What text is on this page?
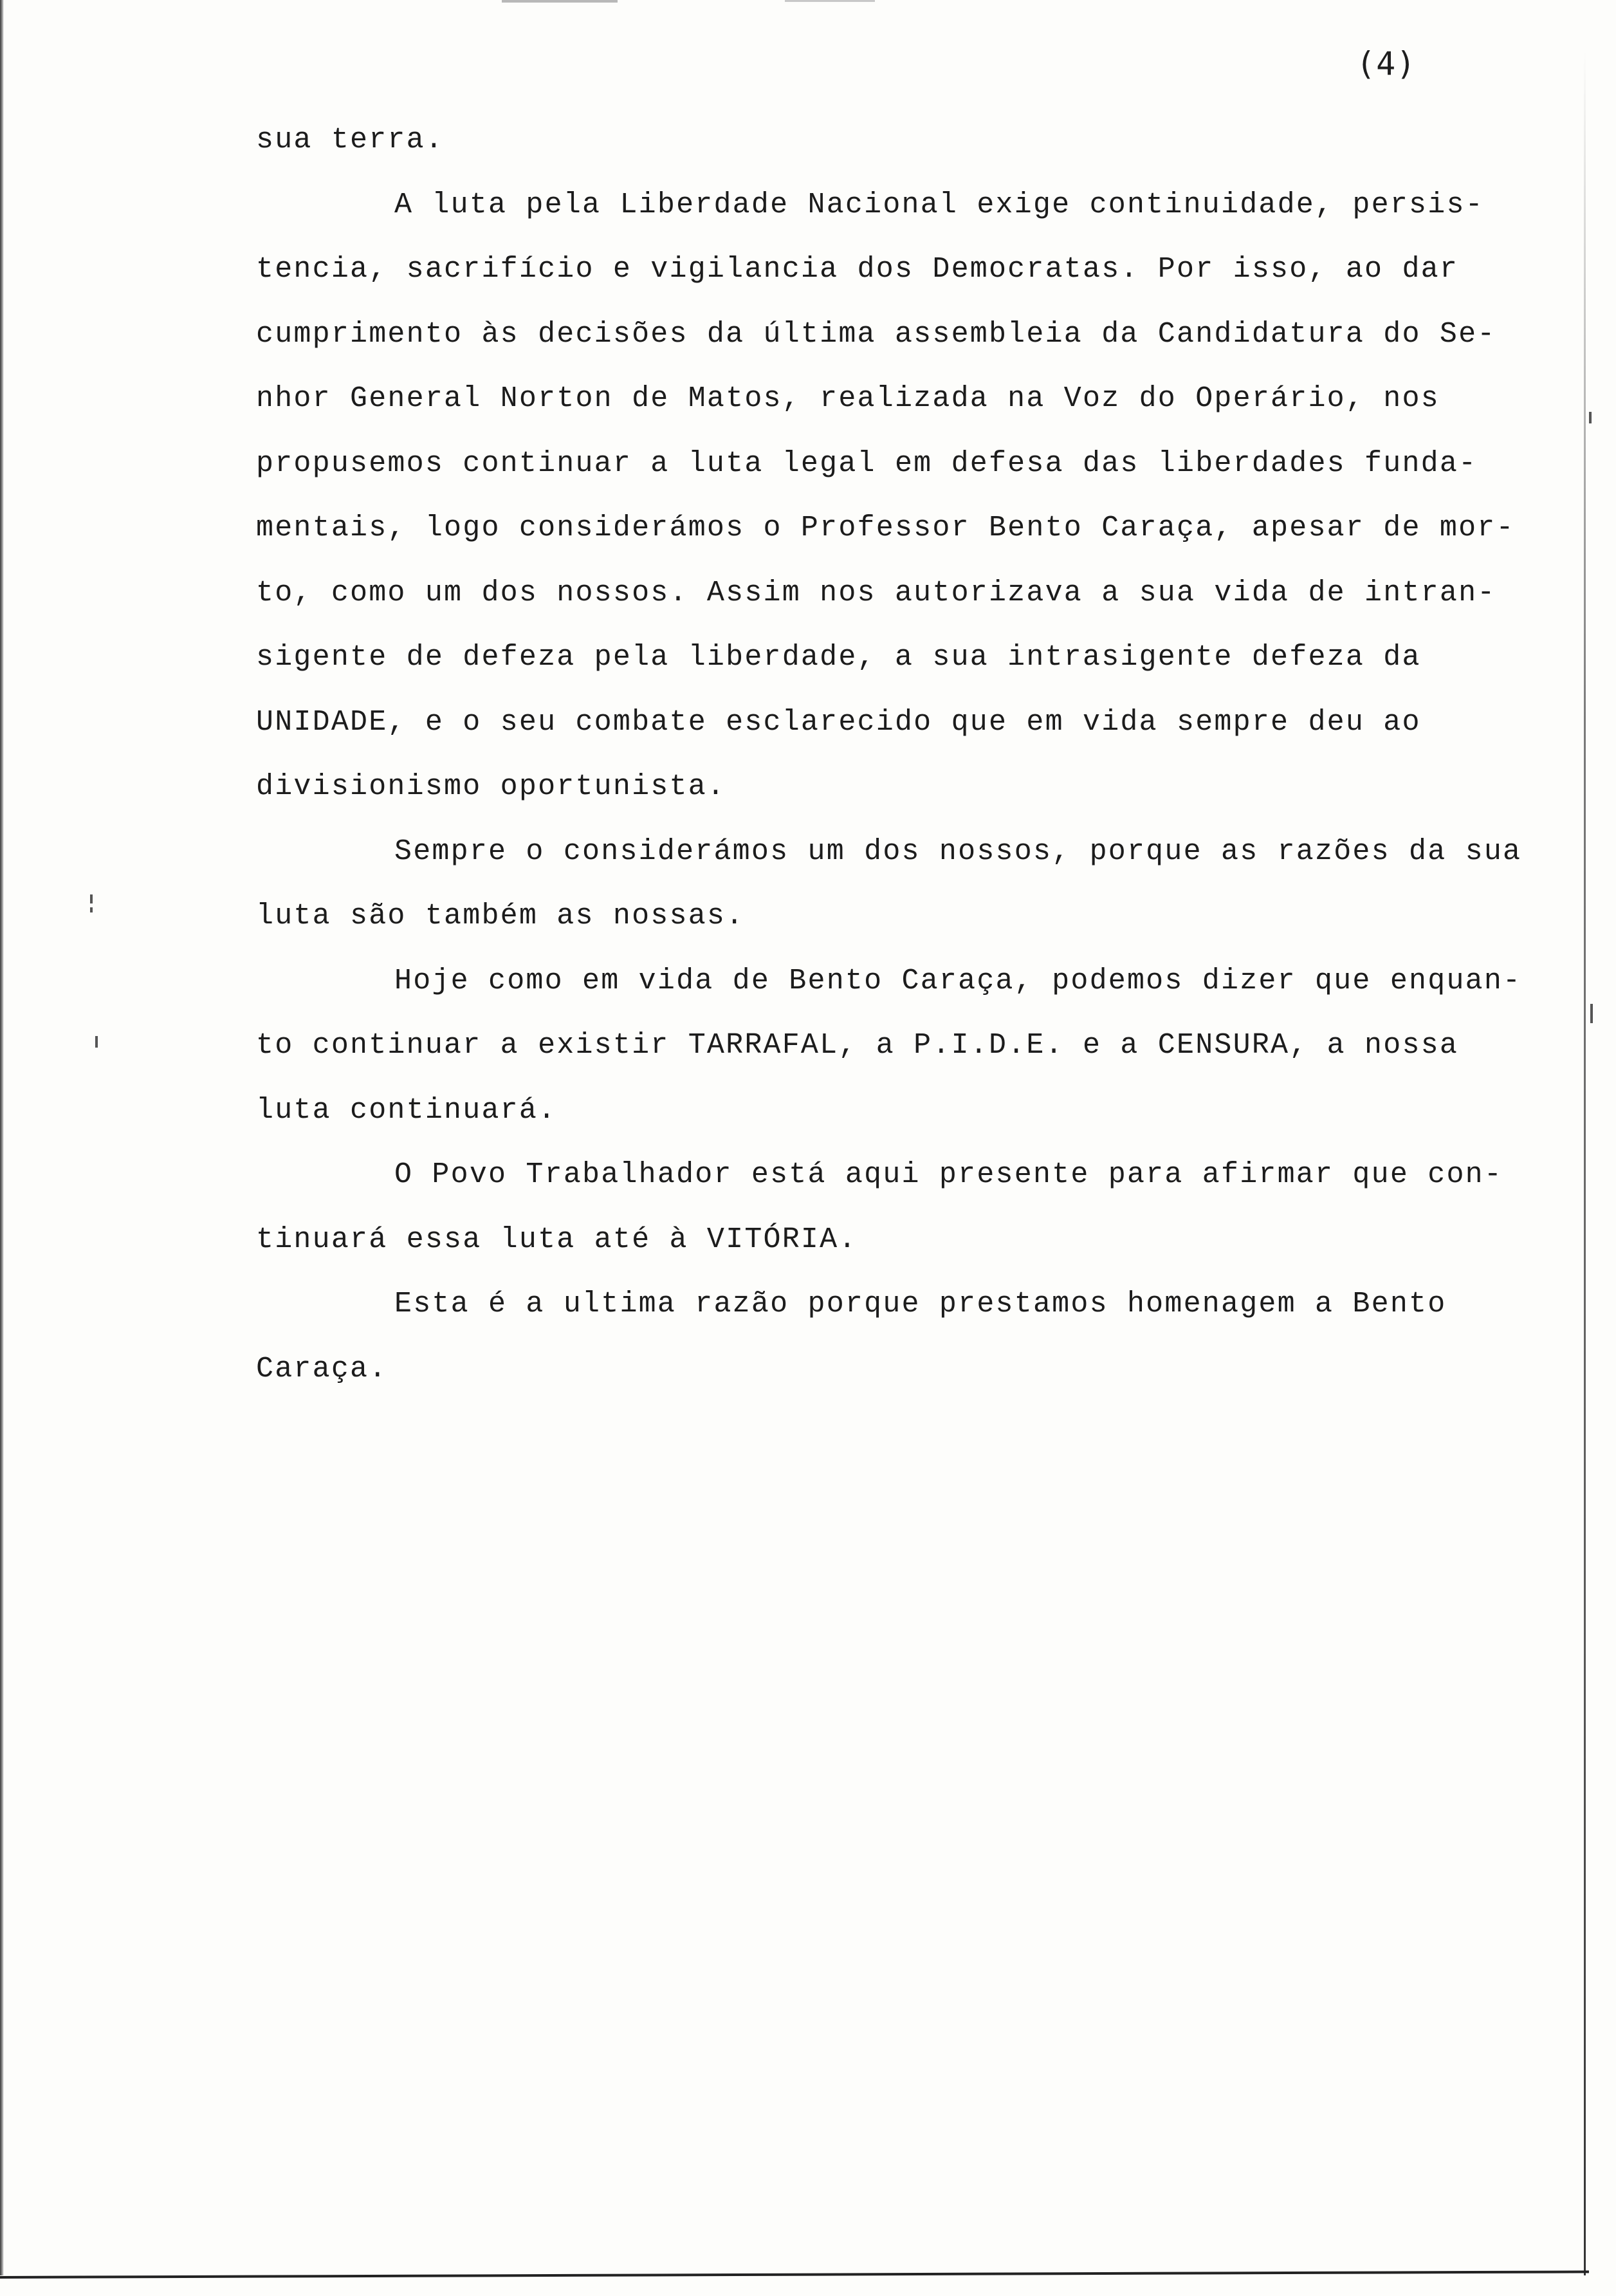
(4)
sua terra.
A luta pela Liberdade Nacional exige continuidade, persis-
tencia, sacrifício e vigilancia dos Democratas. Por isso, ao dar
cumprimento às decisões da última assembleia da Candidatura do Se-
nhor General Norton de Matos, realizada na Voz do Operário, nos
propusemos continuar a luta legal em defesa das liberdades funda-
mentais, logo considerámos o Professor Bento Caraça, apesar de mor-
to, como um dos nossos. Assim nos autorizava a sua vida de intran-
sigente de defeza pela liberdade, a sua intrasigente defeza da
UNIDADE, e o seu combate esclarecido que em vida sempre deu ao
divisionismo oportunista.
Sempre o considerámos um dos nossos, porque as razões da sua
luta são também as nossas.
Hoje como em vida de Bento Caraça, podemos dizer que enquan-
to continuar a existir TARRAFAL, a P.I.D.E. e a CENSURA, a nossa
luta continuará.
O Povo Trabalhador está aqui presente para afirmar que con-
tinuará essa luta até à VITÓRIA.
Esta é a ultima razão porque prestamos homenagem a Bento
Caraça.
